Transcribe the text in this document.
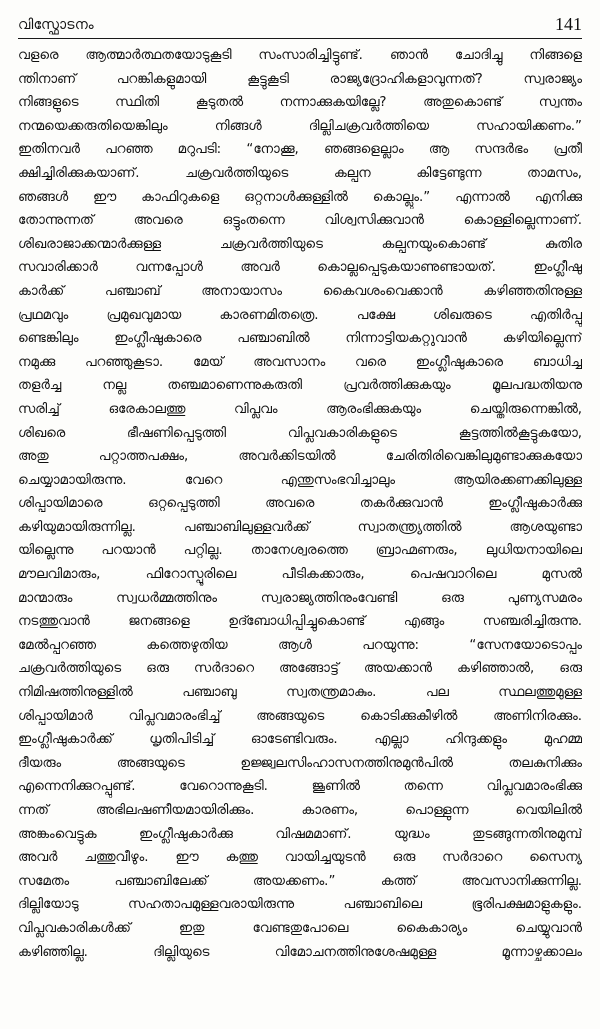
വിസ്ഫോടനം	141
വളരെ ആത്മാർത്ഥതയോടുകൂടി സംസാരിച്ചിട്ടുണ്ട്. ഞാൻ ചോദിച്ചു നിങ്ങളെ
ന്തിനാണ് പറങ്കികളുമായി കൂട്ടുകൂടി രാജ്യദ്രോഹികളാവുന്നത്? സ്വരാജ്യം
നിങ്ങളുടെ സ്ഥിതി കൂടുതൽ നന്നാക്കുകയില്ലേ? അതുകൊണ്ട് സ്വന്തം
നന്മയെക്കരുതിയെങ്കിലും നിങ്ങൾ ദില്ലിചക്രവർത്തിയെ സഹായിക്കണം.”
ഇതിനവർ പറഞ്ഞ മറുപടി: “നോക്കൂ, ഞങ്ങളെല്ലാം ആ സന്ദർഭം പ്രതീ
ക്ഷിച്ചിരിക്കുകയാണ്. ചക്രവർത്തിയുടെ കല്പന കിട്ടേണ്ടുന്ന താമസം,
ഞങ്ങൾ ഈ കാഫിറുകളെ ഒറ്റനാൾക്കുള്ളിൽ കൊല്ലും.” എന്നാൽ എനിക്കു
തോന്നുന്നത് അവരെ ഒട്ടുംതന്നെ വിശ്വസിക്കുവാൻ കൊള്ളില്ലെന്നാണ്.
ശിഖരാജാക്കന്മാർക്കുള്ള ചക്രവർത്തിയുടെ കല്പനയുംകൊണ്ട് കുതിര
സവാരിക്കാർ വന്നപ്പോൾ അവർ കൊല്ലപ്പെടുകയാണുണ്ടായത്. ഇംഗ്ലീഷു
കാർക്ക് പഞ്ചാബ് അനായാസം കൈവശംവെക്കാൻ കഴിഞ്ഞതിനുള്ള
പ്രഥമവും പ്രമുഖവുമായ കാരണമിതത്രെ. പക്ഷേ ശിഖരുടെ എതിർപ്പു
ണ്ടെങ്കിലും ഇംഗ്ലീഷുകാരെ പഞ്ചാബിൽ നിന്നാട്ടിയകറ്റുവാൻ കഴിയില്ലെന്ന്
നമുക്കു പറഞ്ഞുകൂടാ. മേയ് അവസാനം വരെ ഇംഗ്ലീഷുകാരെ ബാധിച്ച
തളർച്ച നല്ല തഞ്ചമാണെന്നുകരുതി പ്രവർത്തിക്കുകയും മൂലപദ്ധതിയനു
സരിച്ച് ഒരേകാലത്തു വിപ്ലവം ആരംഭിക്കുകയും ചെയ്തിരുന്നെങ്കിൽ,
ശിഖരെ ഭീഷണിപ്പെടുത്തി വിപ്ലവകാരികളുടെ കൂട്ടത്തിൽകൂട്ടുകയോ,
അതു പറ്റാത്തപക്ഷം, അവർക്കിടയിൽ ചേരിതിരിവെങ്കിലുമുണ്ടാക്കുകയോ
ചെയ്യാമായിരുന്നു. വേറെ എന്തുസംഭവിച്ചാലും ആയിരക്കണക്കിലുള്ള
ശിപ്പായിമാരെ ഒറ്റപ്പെടുത്തി അവരെ തകർക്കുവാൻ ഇംഗ്ലീഷുകാർക്കു
കഴിയുമായിരുന്നില്ല. പഞ്ചാബിലുള്ളവർക്ക് സ്വാതന്ത്ര്യത്തിൽ ആശയുണ്ടാ
യില്ലെന്നു പറയാൻ പറ്റില്ല. താനേശ്വരത്തെ ബ്രാഹ്മണരും, ലുധിയനായിലെ
മൗലവിമാരും, ഫിറോസ്പൂരിലെ പീടികക്കാരും, പെഷവാറിലെ മുസൽ
മാന്മാരും സ്വധർമ്മത്തിനും സ്വരാജ്യത്തിനുംവേണ്ടി ഒരു പുണ്യസമരം
നടത്തുവാൻ ജനങ്ങളെ ഉദ്ബോധിപ്പിച്ചുകൊണ്ട് എങ്ങും സഞ്ചരിച്ചിരുന്നു.
മേൽപ്പറഞ്ഞ കത്തെഴുതിയ ആൾ പറയുന്നു: “സേനയോടൊപ്പം
ചക്രവർത്തിയുടെ ഒരു സർദാറെ അങ്ങോട്ട് അയക്കാൻ കഴിഞ്ഞാൽ, ഒരു
നിമിഷത്തിനുള്ളിൽ പഞ്ചാബു സ്വതന്ത്രമാകും. പല സ്ഥലത്തുമുള്ള
ശിപ്പായിമാർ വിപ്ലവമാരംഭിച്ച് അങ്ങയുടെ കൊടിക്കുകീഴിൽ അണിനിരക്കും.
ഇംഗ്ലീഷുകാർക്ക് ധൃതിപിടിച്ച് ഓടേണ്ടിവരും. എല്ലാ ഹിന്ദുക്കളും മുഹമ്മ
ദീയരും അങ്ങയുടെ ഉജ്ജ്വലസിംഹാസനത്തിനുമുൻപിൽ തലകുനിക്കും
എന്നെനിക്കുറപ്പുണ്ട്. വേറൊന്നുകൂടി. ജൂണിൽ തന്നെ വിപ്ലവമാരംഭിക്കു
ന്നത് അഭിലഷണീയമായിരിക്കും. കാരണം, പൊള്ളുന്ന വെയിലിൽ
അങ്കംവെട്ടുക ഇംഗ്ലീഷുകാർക്കു വിഷമമാണ്. യുദ്ധം തുടങ്ങുന്നതിനുമുമ്പ്
അവർ ചത്തുവീഴും. ഈ കത്തു വായിച്ചയുടൻ ഒരു സർദാറെ സൈന്യ
സമേതം പഞ്ചാബിലേക്ക് അയക്കണം.” കത്ത് അവസാനിക്കുന്നില്ല.
ദില്ലിയോടു സഹതാപമുള്ളവരായിരുന്നു പഞ്ചാബിലെ ഭൂരിപക്ഷമാളുകളും.
വിപ്ലവകാരികൾക്ക് ഇതു വേണ്ടതുപോലെ കൈകാര്യം ചെയ്യുവാൻ
കഴിഞ്ഞില്ല. ദില്ലിയുടെ വിമോചനത്തിനുശേഷമുള്ള മൂന്നാഴ്ചക്കാലം
